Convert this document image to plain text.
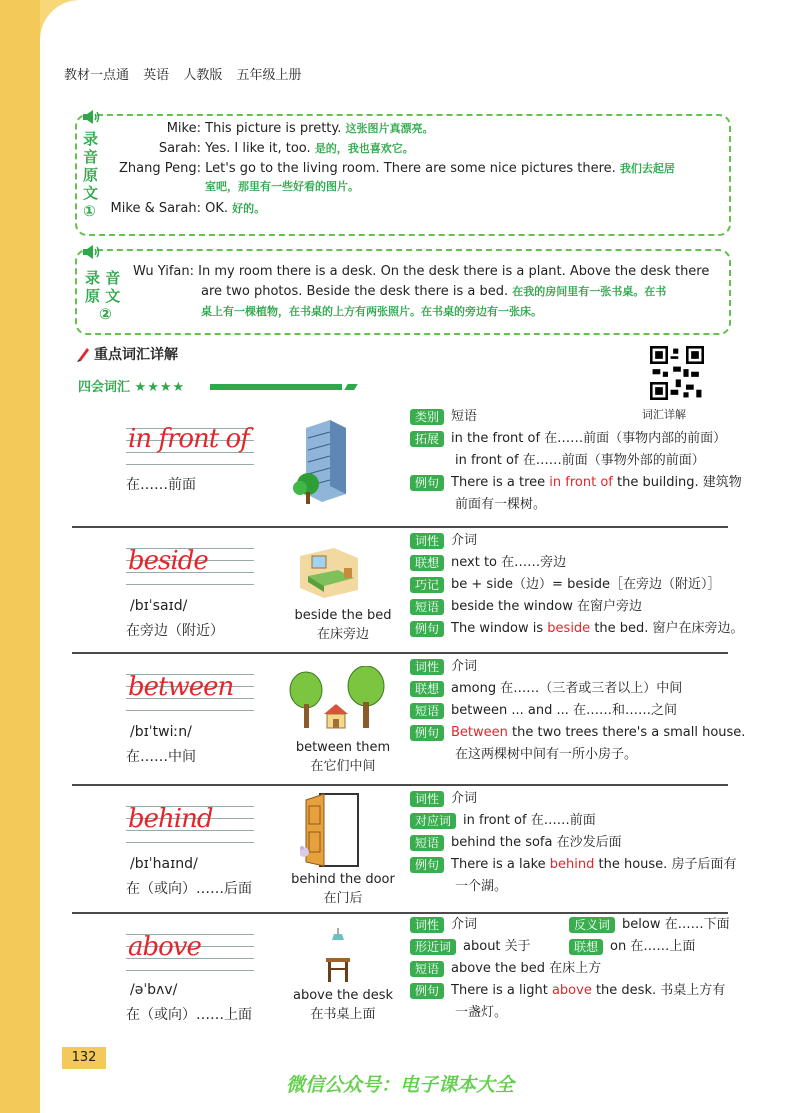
教材一点通 英语 人教版 五年级上册
录
音
原
文
①
Mike: This picture is pretty. 这张图片真漂亮。
Sarah: Yes. I like it, too. 是的，我也喜欢它。
Zhang Peng: Let's go to the living room. There are some nice pictures there. 我们去起居
室吧，那里有一些好看的图片。
Mike & Sarah: OK. 好的。
录 音
原 文
②
Wu Yifan: In my room there is a desk. On the desk there is a plant. Above the desk there
are two photos. Beside the desk there is a bed. 在我的房间里有一张书桌。在书
桌上有一棵植物，在书桌的上方有两张照片。在书桌的旁边有一张床。
重点词汇详解
四会词汇 ★★★★
词汇详解
in front of
在……前面
类别 短语
拓展 in the front of 在……前面（事物内部的前面）
in front of 在……前面（事物外部的前面）
例句 There is a tree in front of the building. 建筑物
前面有一棵树。
beside
/bɪˈsaɪd/
在旁边（附近）
beside the bed
在床旁边
词性 介词
联想 next to 在……旁边
巧记 be + side（边）= beside［在旁边（附近）］
短语 beside the window 在窗户旁边
例句 The window is beside the bed. 窗户在床旁边。
between
/bɪˈtwiːn/
在……中间
between them
在它们中间
词性 介词
联想 among 在……（三者或三者以上）中间
短语 between ... and ... 在……和……之间
例句 Between the two trees there's a small house.
在这两棵树中间有一所小房子。
behind
/bɪˈhaɪnd/
在（或向）……后面
behind the door
在门后
词性 介词
对应词 in front of 在……前面
短语 behind the sofa 在沙发后面
例句 There is a lake behind the house. 房子后面有
一个湖。
above
/əˈbʌv/
在（或向）……上面
above the desk
在书桌上面
词性 介词	反义词 below 在……下面
形近词 about 关于	联想 on 在……上面
短语 above the bed 在床上方
例句 There is a light above the desk. 书桌上方有
一盏灯。
132
微信公众号：电子课本大全
